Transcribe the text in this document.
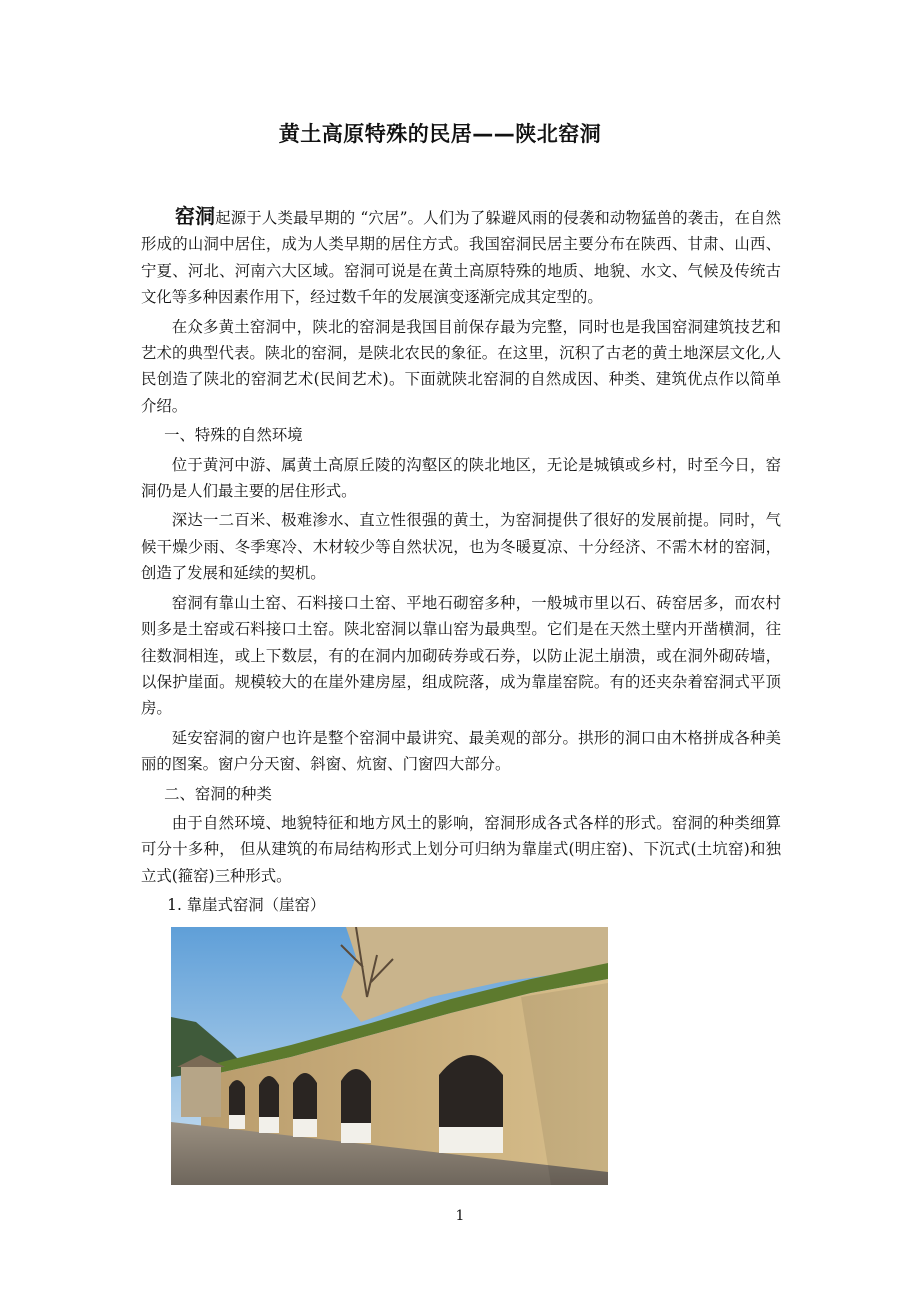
黄土高原特殊的民居——陕北窑洞

窑洞起源于人类最早期的 “穴居”。人们为了躲避风雨的侵袭和动物猛兽的袭击，在自然形成的山洞中居住，成为人类早期的居住方式。我国窑洞民居主要分布在陕西、甘肃、山西、宁夏、河北、河南六大区域。窑洞可说是在黄土高原特殊的地质、地貌、水文、气候及传统古文化等多种因素作用下，经过数千年的发展演变逐渐完成其定型的。

在众多黄土窑洞中，陕北的窑洞是我国目前保存最为完整，同时也是我国窑洞建筑技艺和艺术的典型代表。陕北的窑洞，是陕北农民的象征。在这里，沉积了古老的黄土地深层文化,人民创造了陕北的窑洞艺术(民间艺术)。下面就陕北窑洞的自然成因、种类、建筑优点作以简单介绍。

一、特殊的自然环境

位于黄河中游、属黄土高原丘陵的沟壑区的陕北地区，无论是城镇或乡村，时至今日，窑洞仍是人们最主要的居住形式。

深达一二百米、极难渗水、直立性很强的黄土，为窑洞提供了很好的发展前提。同时，气候干燥少雨、冬季寒冷、木材较少等自然状况，也为冬暖夏凉、十分经济、不需木材的窑洞，创造了发展和延续的契机。

窑洞有靠山土窑、石料接口土窑、平地石砌窑多种，一般城市里以石、砖窑居多，而农村则多是土窑或石料接口土窑。陕北窑洞以靠山窑为最典型。它们是在天然土壁内开凿横洞，往往数洞相连，或上下数层，有的在洞内加砌砖券或石券，以防止泥土崩溃，或在洞外砌砖墙，以保护崖面。规模较大的在崖外建房屋，组成院落，成为靠崖窑院。有的还夹杂着窑洞式平顶房。

延安窑洞的窗户也许是整个窑洞中最讲究、最美观的部分。拱形的洞口由木格拼成各种美丽的图案。窗户分天窗、斜窗、炕窗、门窗四大部分。

二、窑洞的种类

由于自然环境、地貌特征和地方风土的影响，窑洞形成各式各样的形式。窑洞的种类细算可分十多种， 但从建筑的布局结构形式上划分可归纳为靠崖式(明庄窑)、下沉式(土坑窑)和独立式(箍窑)三种形式。

1. 靠崖式窑洞（崖窑）

1
